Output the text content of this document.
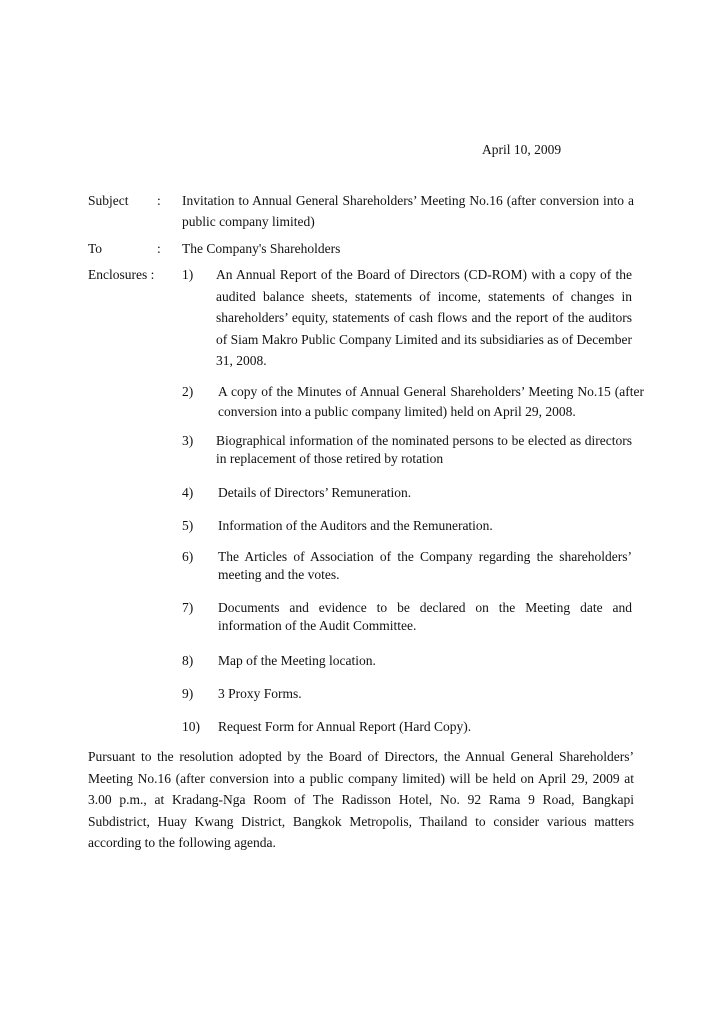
April 10, 2009
Subject : Invitation to Annual General Shareholders’ Meeting No.16 (after conversion into a public company limited)
To	: The Company's Shareholders
Enclosures : 1) An Annual Report of the Board of Directors (CD-ROM) with a copy of the audited balance sheets, statements of income, statements of changes in shareholders’ equity, statements of cash flows and the report of the auditors of Siam Makro Public Company Limited and its subsidiaries as of December 31, 2008.
2) A copy of the Minutes of Annual General Shareholders’ Meeting No.15 (after conversion into a public company limited) held on April 29, 2008.
3) Biographical information of the nominated persons to be elected as directors in replacement of those retired by rotation
4) Details of Directors’ Remuneration.
5) Information of the Auditors and the Remuneration.
6) The Articles of Association of the Company regarding the shareholders’ meeting and the votes.
7) Documents and evidence to be declared on the Meeting date and information of the Audit Committee.
8) Map of the Meeting location.
9) 3 Proxy Forms.
10) Request Form for Annual Report (Hard Copy).
Pursuant to the resolution adopted by the Board of Directors, the Annual General Shareholders’ Meeting No.16 (after conversion into a public company limited) will be held on April 29, 2009 at 3.00 p.m., at Kradang-Nga Room of The Radisson Hotel, No. 92 Rama 9 Road, Bangkapi Subdistrict, Huay Kwang District, Bangkok Metropolis, Thailand to consider various matters according to the following agenda.
